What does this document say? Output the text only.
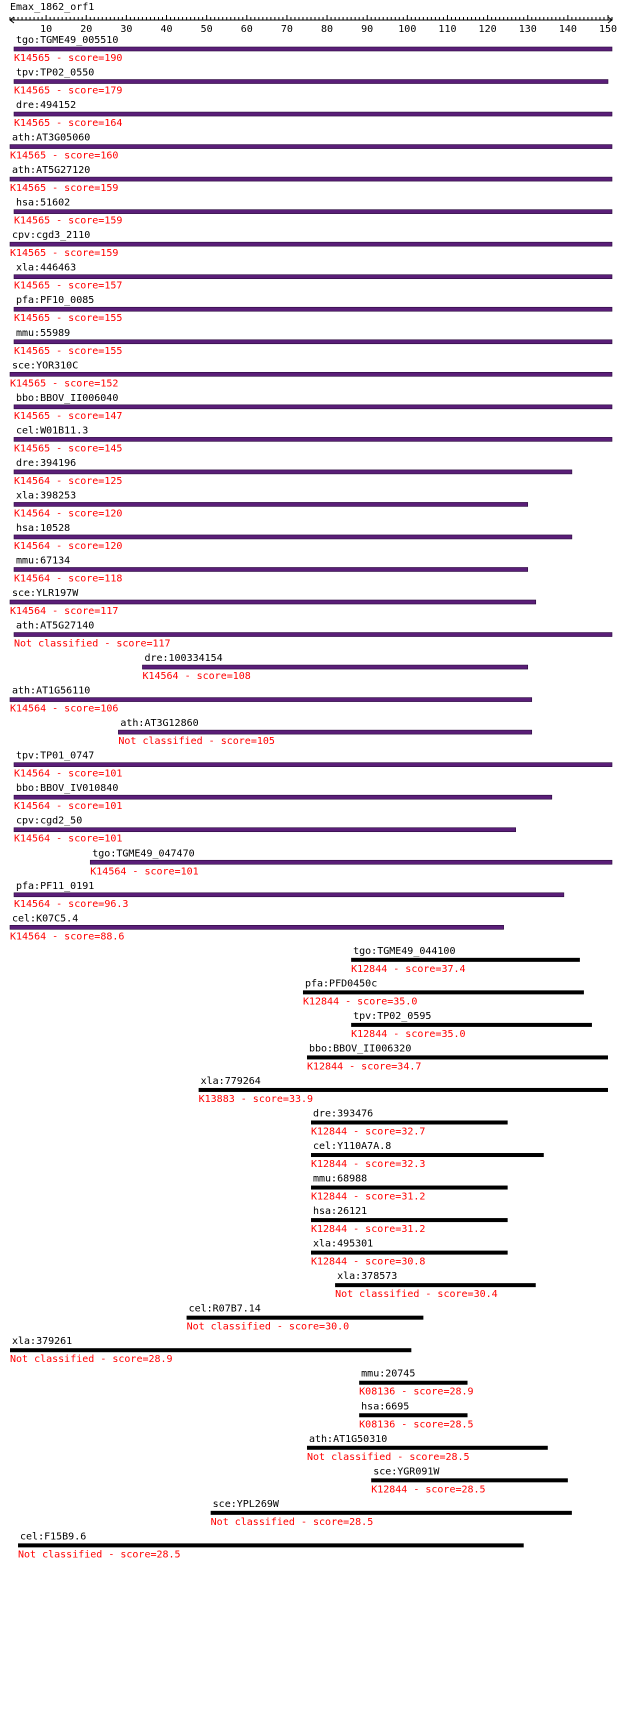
Emax_1862_orf1
10	20	30	40	50	60	70	80	90	100 110 120 130 140 150
tgo:TGME49_005510
K14565 - score=190
tpv:TP02_0550
K14565 - score=179
dre:494152
K14565 - score=164
ath:AT3G05060
K14565 - score=160
ath:AT5G27120
K14565 - score=159
hsa:51602
K14565 - score=159
cpv:cgd3_2110
K14565 - score=159
xla:446463
K14565 - score=157
pfa:PF10_0085
K14565 - score=155
mmu:55989
K14565 - score=155
sce:YOR310C
K14565 - score=152
bbo:BBOV_II006040
K14565 - score=147
cel:W01B11.3
K14565 - score=145
dre:394196
K14564 - score=125
xla:398253
K14564 - score=120
hsa:10528
K14564 - score=120
mmu:67134
K14564 - score=118
sce:YLR197W
K14564 - score=117
ath:AT5G27140
Not classified - score=117
dre:100334154
K14564 - score=108
ath:AT1G56110
K14564 - score=106
ath:AT3G12860
Not classified - score=105
tpv:TP01_0747
K14564 - score=101
bbo:BBOV_IV010840
K14564 - score=101
cpv:cgd2_50
K14564 - score=101
tgo:TGME49_047470
K14564 - score=101
pfa:PF11_0191
K14564 - score=96.3
cel:K07C5.4
K14564 - score=88.6
tgo:TGME49_044100
K12844 - score=37.4
pfa:PFD0450c
K12844 - score=35.0
tpv:TP02_0595
K12844 - score=35.0
bbo:BBOV_II006320
K12844 - score=34.7
xla:779264
K13883 - score=33.9
dre:393476
K12844 - score=32.7
cel:Y110A7A.8
K12844 - score=32.3
mmu:68988
K12844 - score=31.2
hsa:26121
K12844 - score=31.2
xla:495301
K12844 - score=30.8
xla:378573
Not classified - score=30.4
cel:R07B7.14
Not classified - score=30.0
xla:379261
Not classified - score=28.9
mmu:20745
K08136 - score=28.9
hsa:6695
K08136 - score=28.5
ath:AT1G50310
Not classified - score=28.5
sce:YGR091W
K12844 - score=28.5
sce:YPL269W
Not classified - score=28.5
cel:F15B9.6
Not classified - score=28.5
